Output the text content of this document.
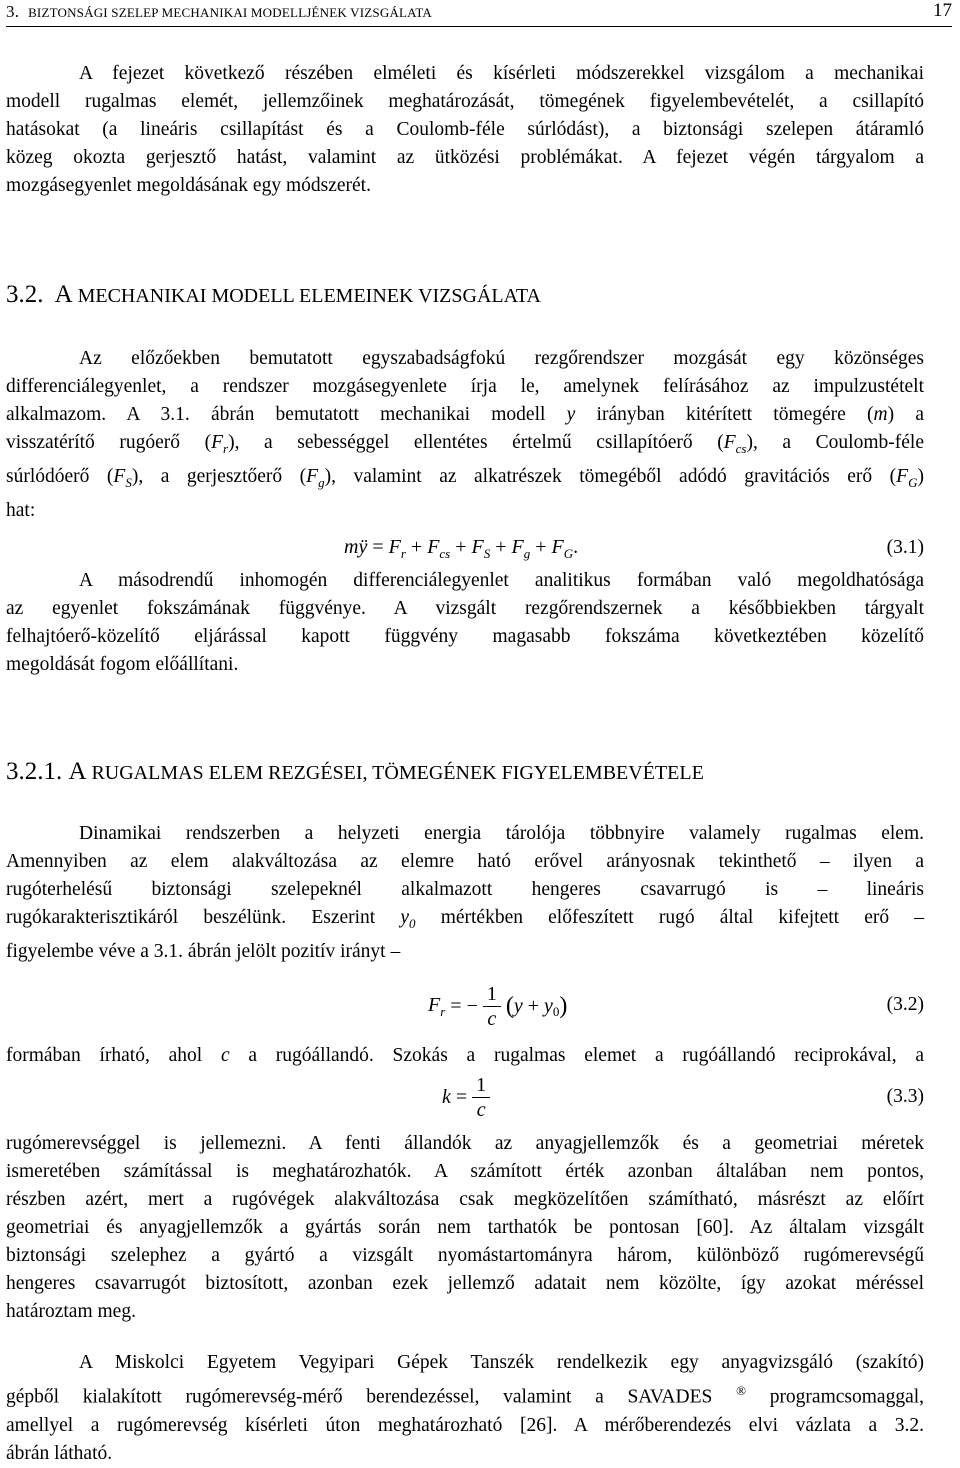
3. BIZTONSÁGI SZELEP MECHANIKAI MODELLJÉNEK VIZSGÁLATA	17
A fejezet következő részében elméleti és kísérleti módszerekkel vizsgálom a mechanikai
modell rugalmas elemét, jellemzőinek meghatározását, tömegének figyelembevételét, a csillapító
hatásokat (a lineáris csillapítást és a Coulomb-féle súrlódást), a biztonsági szelepen átáramló
közeg okozta gerjesztő hatást, valamint az ütközési problémákat. A fejezet végén tárgyalom a
mozgásegyenlet megoldásának egy módszerét.
3.2. A MECHANIKAI MODELL ELEMEINEK VIZSGÁLATA
Az előzőekben bemutatott egyszabadságfokú rezgőrendszer mozgását egy közönséges
differenciálegyenlet, a rendszer mozgásegyenlete írja le, amelynek felírásához az impulzustételt
alkalmazom. A 3.1. ábrán bemutatott mechanikai modell y irányban kitérített tömegére (m) a
visszatérítő rugóerő $(F_r)$, a sebességgel ellentétes értelmű csillapítóerő $(F_{cs})$, a Coulomb-féle
súrlódóerő $(F_S)$, a gerjesztőerő $(F_g)$, valamint az alkatrészek tömegéből adódó gravitációs erő $(F_G)$
hat:
mÿ = $F_r + F_{cs} + F_S + F_g + F_G$.	(3.1)
A másodrendű inhomogén differenciálegyenlet analitikus formában való megoldhatósága
az egyenlet fokszámának függvénye. A vizsgált rezgőrendszernek a későbbiekben tárgyalt
felhajtóerő-közelítő eljárással kapott függvény magasabb fokszáma következtében közelítő
megoldását fogom előállítani.
3.2.1. A RUGALMAS ELEM REZGÉSEI, TÖMEGÉNEK FIGYELEMBEVÉTELE
Dinamikai rendszerben a helyzeti energia tárolója többnyire valamely rugalmas elem.
Amennyiben az elem alakváltozása az elemre ható erővel arányosnak tekinthető – ilyen a
rugóterhelésű biztonsági szelepeknél alkalmazott hengeres csavarrugó is – lineáris
rugókarakterisztikáról beszélünk. Eszerint $y_0$ mértékben előfeszített rugó által kifejtett erő –
figyelembe véve a 3.1. ábrán jelölt pozitív irányt –
$F_r$ = − $\frac{1}{c} (y + y_0)$	(3.2)
formában írható, ahol c a rugóállandó. Szokás a rugalmas elemet a rugóállandó reciprokával, a
$k = \frac{1}{c}$	(3.3)
rugómerevséggel is jellemezni. A fenti állandók az anyagjellemzők és a geometriai méretek
ismeretében számítással is meghatározhatók. A számított érték azonban általában nem pontos,
részben azért, mert a rugóvégek alakváltozása csak megközelítően számítható, másrészt az előírt
geometriai és anyagjellemzők a gyártás során nem tarthatók be pontosan [60]. Az általam vizsgált
biztonsági szelephez a gyártó a vizsgált nyomástartományra három, különböző rugómerevségű
hengeres csavarrugót biztosított, azonban ezek jellemző adatait nem közölte, így azokat méréssel
határoztam meg.
A Miskolci Egyetem Vegyipari Gépek Tanszék rendelkezik egy anyagvizsgáló (szakító)
gépből kialakított rugómerevség-mérő berendezéssel, valamint a SAVADES ® programcsomaggal,
amellyel a rugómerevség kísérleti úton meghatározható [26]. A mérőberendezés elvi vázlata a 3.2.
ábrán látható.
